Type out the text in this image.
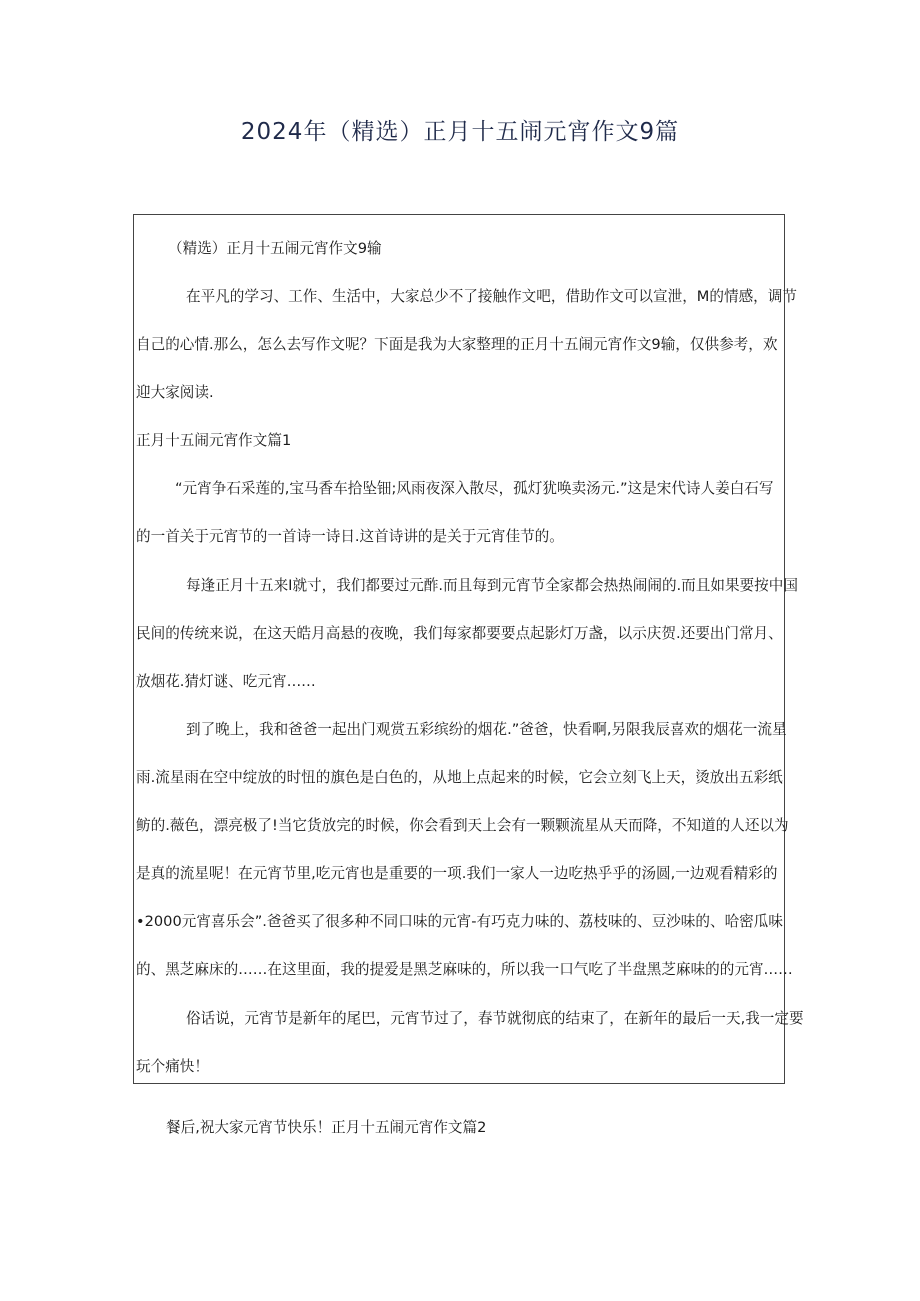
2024年（精选）正月十五闹元宵作文9篇

（精选）正月十五闹元宵作文9输

在平凡的学习、工作、生活中，大家总少不了接触作文吧，借助作文可以宣泄，M的情感，调节

自己的心情.那么，怎么去写作文呢？下面是我为大家整理的正月十五闹元宵作文9输，仅供参考，欢

迎大家阅读.

正月十五闹元宵作文篇1

“元宵争石采莲的,宝马香车拾坠钿;风雨夜深入散尽，孤灯犹唤卖汤元.”这是宋代诗人姜白石写

的一首关于元宵节的一首诗一诗日.这首诗讲的是关于元宵佳节的。

每逢正月十五来I就寸，我们都要过元酢.而且每到元宵节全家都会热热闹闹的.而且如果要按中国

民间的传统来说，在这天皓月高悬的夜晚，我们每家都要要点起影灯万盏，以示庆贺.还要出门常月、

放烟花.猜灯谜、吃元宵……

到了晚上，我和爸爸一起出门观赏五彩缤纷的烟花.”爸爸，快看啊,另限我辰喜欢的烟花一流星

雨.流星雨在空中绽放的时忸的旗色是白色的，从地上点起来的时候，它会立刻飞上天，烫放出五彩纸

鲂的.薇色，漂亮极了!当它货放完的时候，你会看到天上会有一颗颗流星从天而降，不知道的人还以为

是真的流星呢！在元宵节里,吃元宵也是重要的一项.我们一家人一边吃热乎乎的汤圆,一边观看精彩的

•2000元宵喜乐会”.爸爸买了很多种不同口味的元宵-有巧克力味的、荔枝味的、豆沙味的、哈密瓜味

的、黑芝麻床的……在这里面，我的提爱是黑芝麻味的，所以我一口气吃了半盘黑芝麻味的的元宵……

俗话说，元宵节是新年的尾巴，元宵节过了，春节就彻底的结束了，在新年的最后一天,我一定要

玩个痛快！

餐后,祝大家元宵节快乐！正月十五闹元宵作文篇2
